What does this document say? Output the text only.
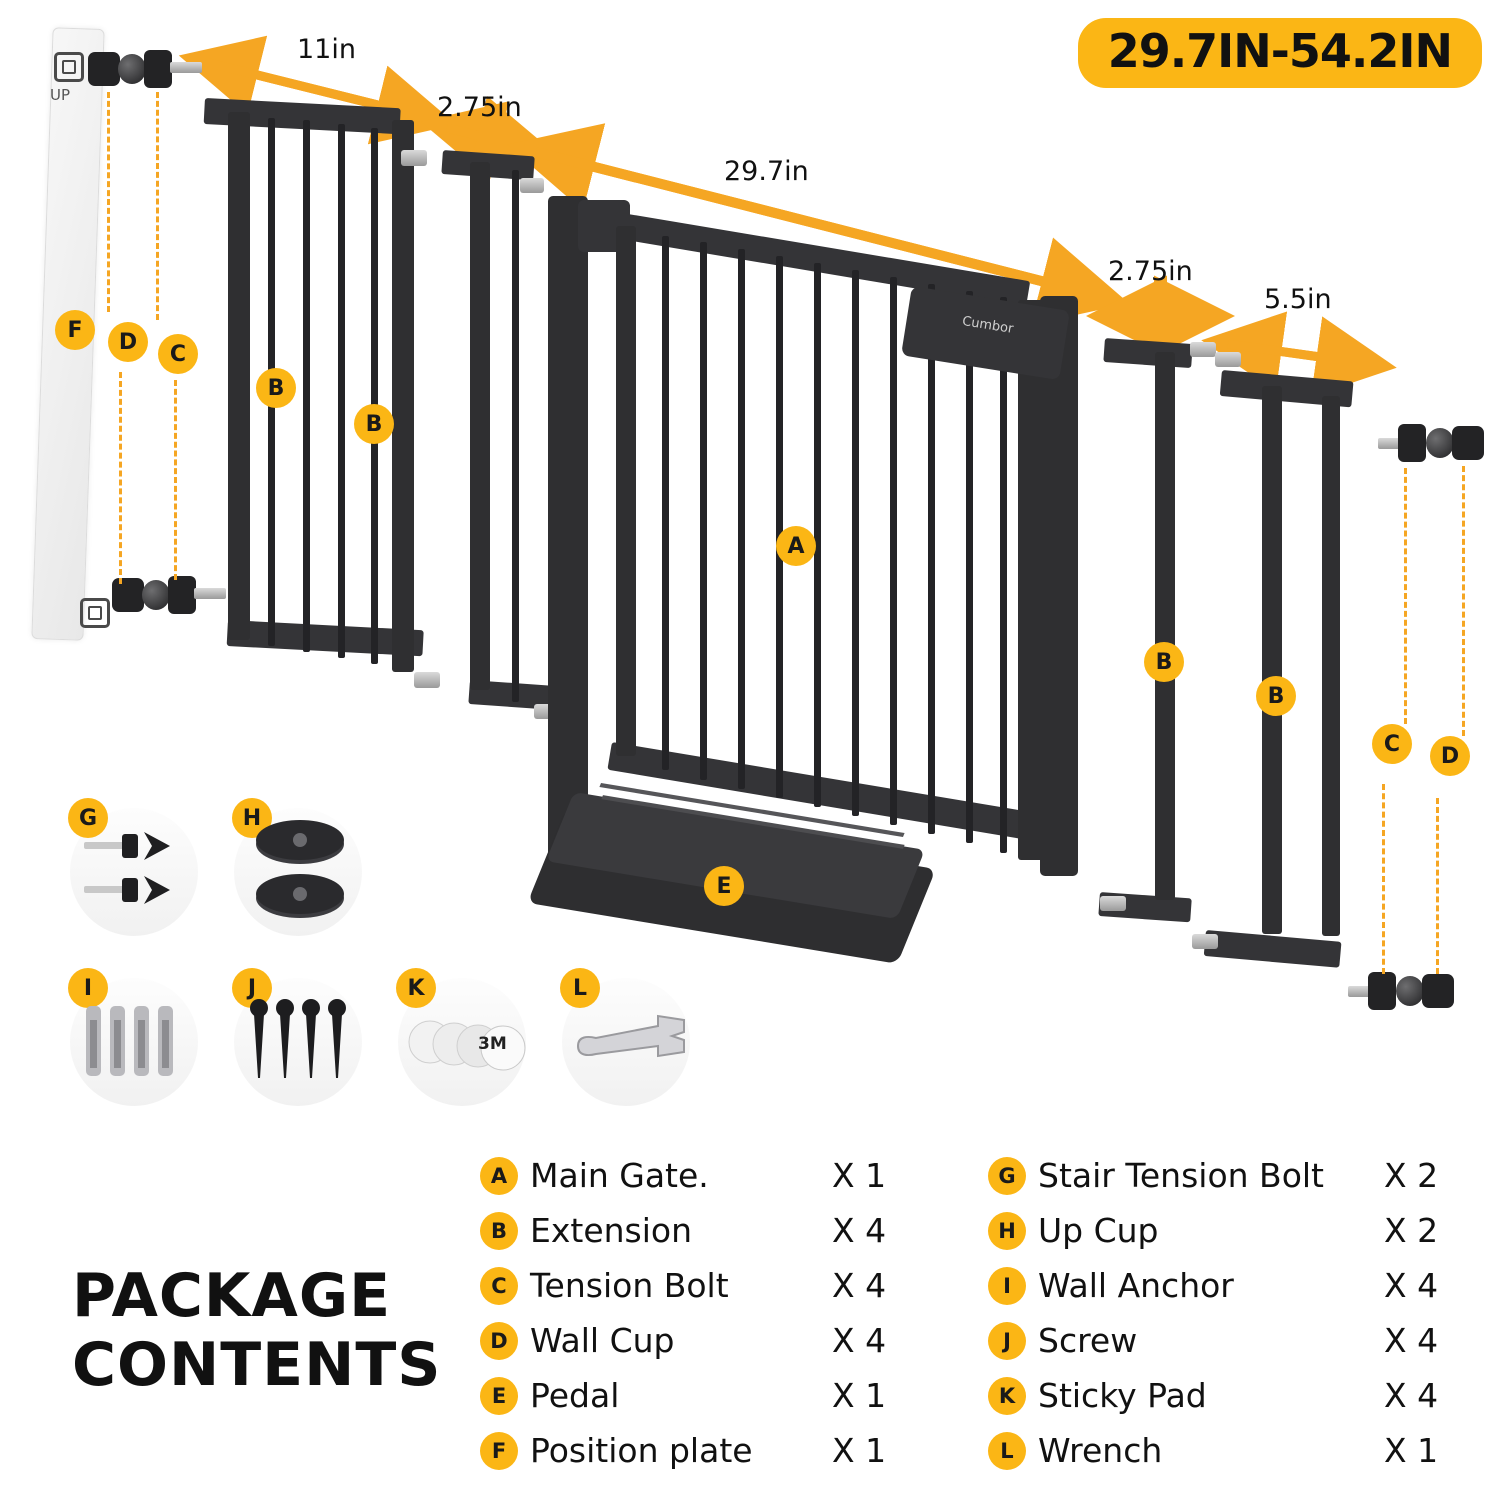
29.7IN-54.2IN
11in
2.75in
29.7in
2.75in
5.5in
UP
F	D	C
B
B
Cumbor
A
E
B
B
C	D
G	H
I	J	K
3M
L
PACKAGE
CONTENTS
A Main Gate.	X 1
B Extension	X 4
C Tension Bolt	X 4
D Wall Cup	X 4
E Pedal	X 1
F Position plate X 1
G Stair Tension Bolt X 2
H Up Cup	X 2
I Wall Anchor	X 4
J Screw	X 4
K Sticky Pad	X 4
L Wrench	X 1
